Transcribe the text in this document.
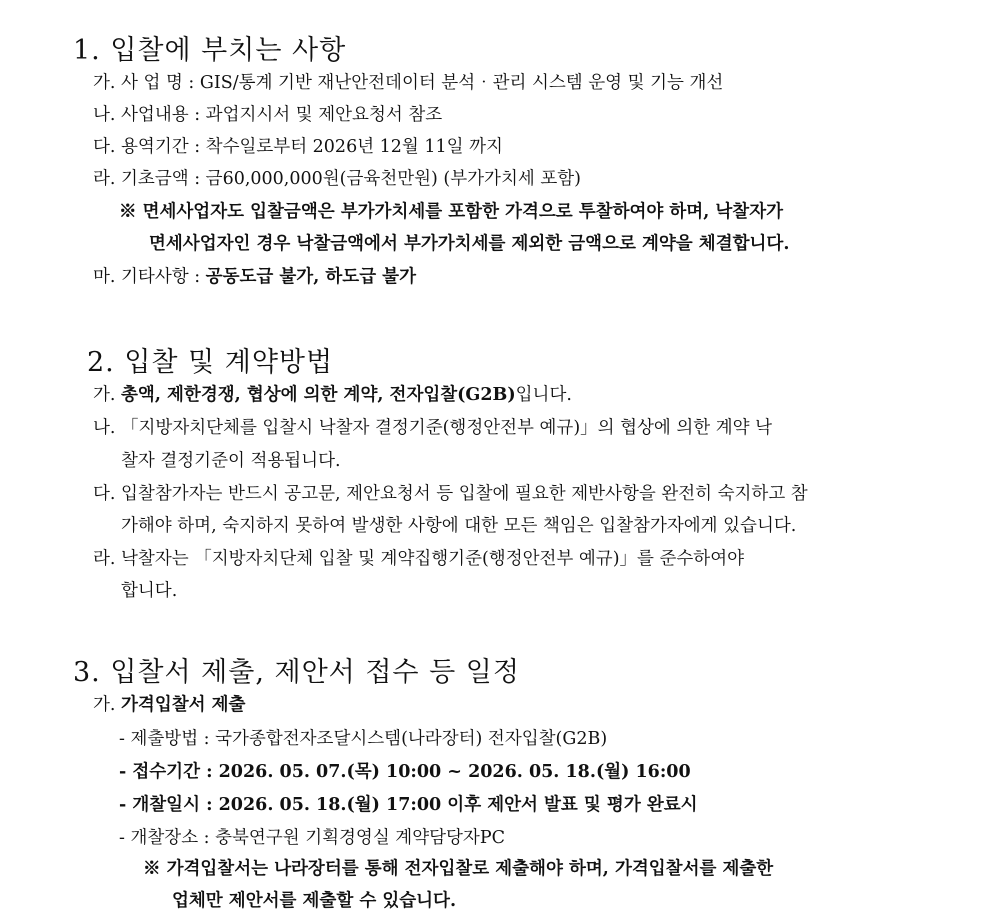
1. 입찰에 부치는 사항
가. 사 업 명 : GIS/통계 기반 재난안전데이터 분석‧관리 시스템 운영 및 기능 개선
나. 사업내용 : 과업지시서 및 제안요청서 참조
다. 용역기간 : 착수일로부터 2026년 12월 11일 까지
라. 기초금액 : 금60,000,000원(금육천만원) (부가가치세 포함)
※ 면세사업자도 입찰금액은 부가가치세를 포함한 가격으로 투찰하여야 하며, 낙찰자가
면세사업자인 경우 낙찰금액에서 부가가치세를 제외한 금액으로 계약을 체결합니다.
마. 기타사항 : 공동도급 불가, 하도급 불가
2. 입찰 및 계약방법
가. 총액, 제한경쟁, 협상에 의한 계약, 전자입찰(G2B)입니다.
나. 「지방자치단체를 입찰시 낙찰자 결정기준(행정안전부 예규)」의 협상에 의한 계약 낙
찰자 결정기준이 적용됩니다.
다. 입찰참가자는 반드시 공고문, 제안요청서 등 입찰에 필요한 제반사항을 완전히 숙지하고 참
가해야 하며, 숙지하지 못하여 발생한 사항에 대한 모든 책임은 입찰참가자에게 있습니다.
라. 낙찰자는 「지방자치단체 입찰 및 계약집행기준(행정안전부 예규)」를 준수하여야
합니다.
3. 입찰서 제출, 제안서 접수 등 일정
가. 가격입찰서 제출
- 제출방법 : 국가종합전자조달시스템(나라장터) 전자입찰(G2B)
- 접수기간 : 2026. 05. 07.(목) 10:00 ~ 2026. 05. 18.(월) 16:00
- 개찰일시 : 2026. 05. 18.(월) 17:00 이후 제안서 발표 및 평가 완료시
- 개찰장소 : 충북연구원 기획경영실 계약담당자PC
※ 가격입찰서는 나라장터를 통해 전자입찰로 제출해야 하며, 가격입찰서를 제출한
업체만 제안서를 제출할 수 있습니다.
